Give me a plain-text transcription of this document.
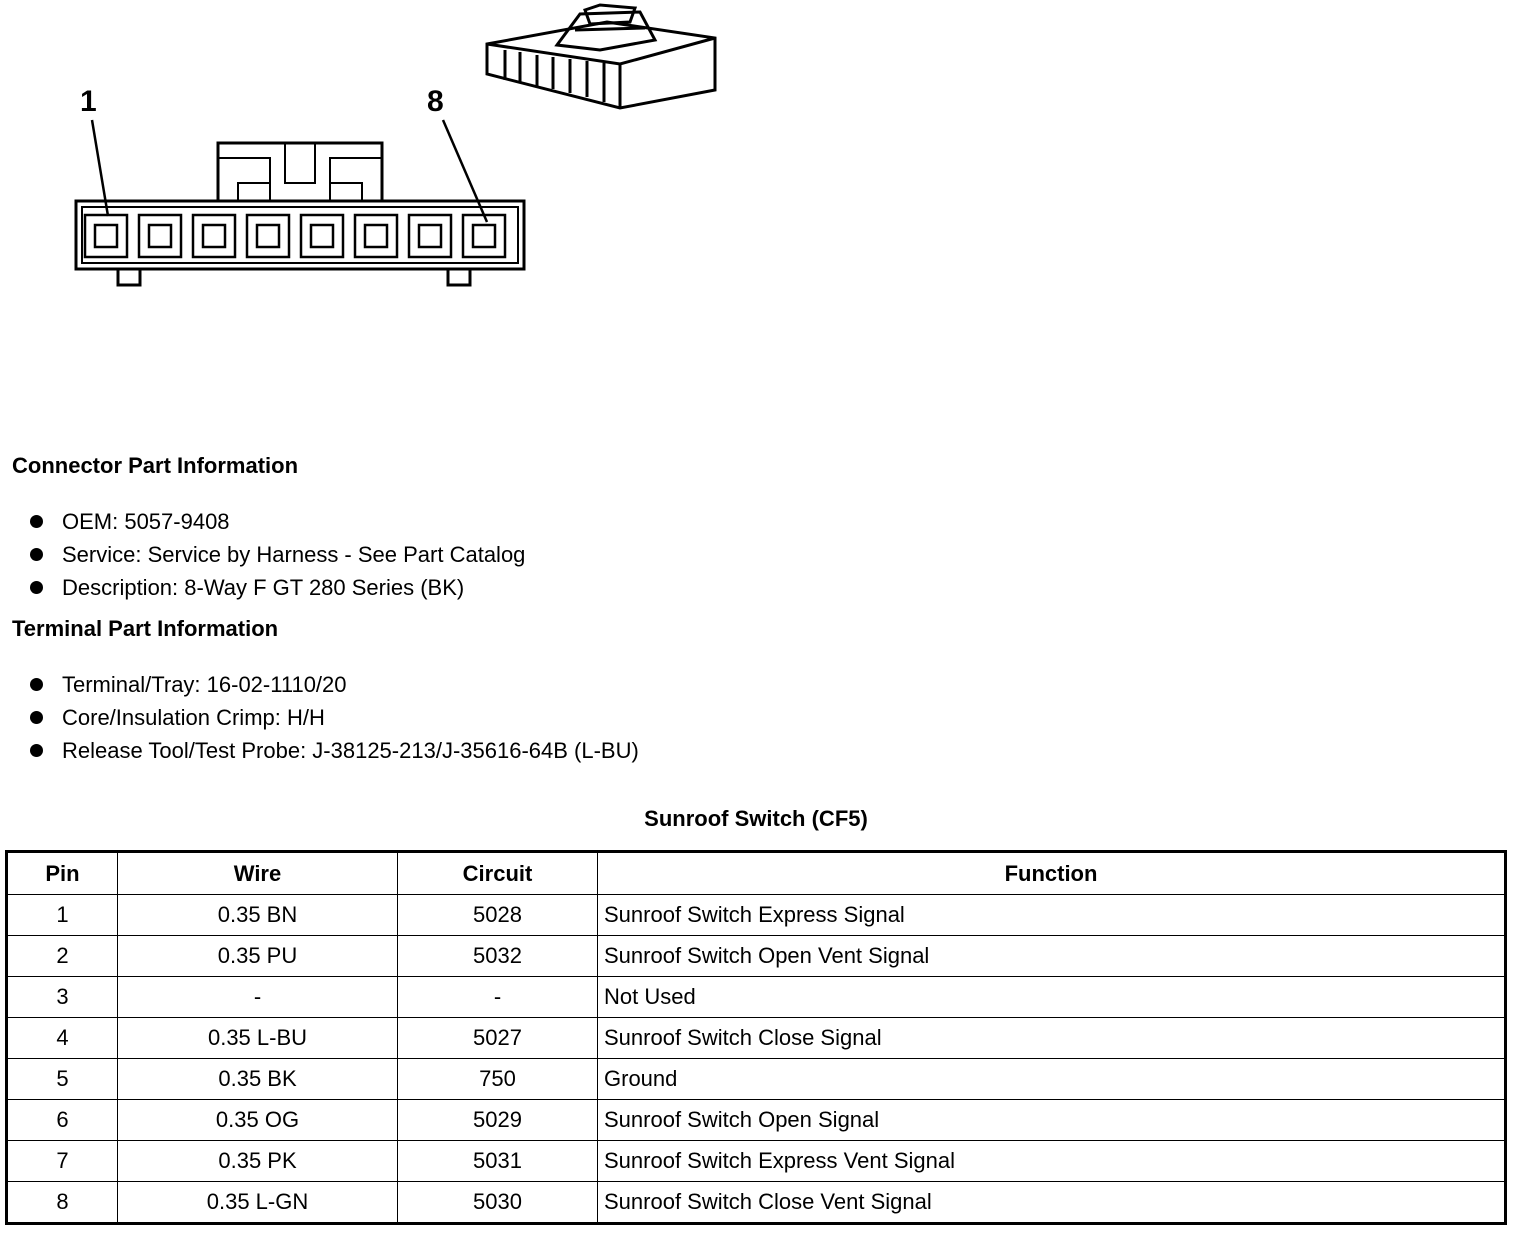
1	8
Connector Part Information
OEM: 5057-9408
Service: Service by Harness - See Part Catalog
Description: 8-Way F GT 280 Series (BK)
Terminal Part Information
Terminal/Tray: 16-02-1110/20
Core/Insulation Crimp: H/H
Release Tool/Test Probe: J-38125-213/J-35616-64B (L-BU)
Sunroof Switch (CF5)
Pin	Wire	Circuit	Function
1	0.35 BN	5028	Sunroof Switch Express Signal
2	0.35 PU	5032	Sunroof Switch Open Vent Signal
3	-	-	Not Used
4	0.35 L-BU	5027	Sunroof Switch Close Signal
5	0.35 BK	750	Ground
6	0.35 OG	5029	Sunroof Switch Open Signal
7	0.35 PK	5031	Sunroof Switch Express Vent Signal
8	0.35 L-GN	5030	Sunroof Switch Close Vent Signal
